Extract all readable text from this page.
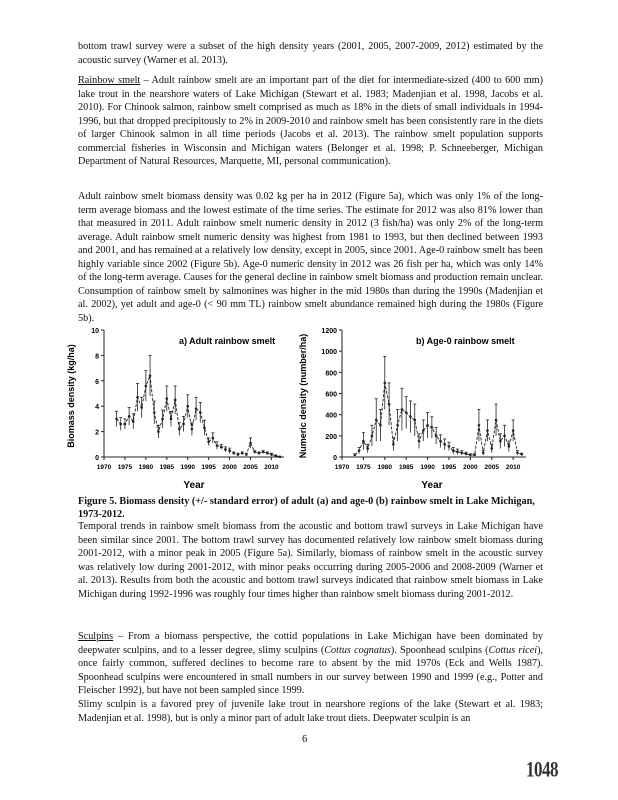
bottom trawl survey were a subset of the high density years (2001, 2005, 2007-2009, 2012) estimated by the acoustic survey (Warner et al. 2013).

Rainbow smelt – Adult rainbow smelt are an important part of the diet for intermediate-sized (400 to 600 mm) lake trout in the nearshore waters of Lake Michigan (Stewart et al. 1983; Madenjian et al. 1998, Jacobs et al. 2010). For Chinook salmon, rainbow smelt comprised as much as 18% in the diets of small individuals in 1994-1996, but that dropped precipitously to 2% in 2009-2010 and rainbow smelt has been consistently rare in the diets of larger Chinook salmon in all time periods (Jacobs et al. 2013). The rainbow smelt population supports commercial fisheries in Wisconsin and Michigan waters (Belonger et al. 1998; P. Schneeberger, Michigan Department of Natural Resources, Marquette, MI, personal communication).

Adult rainbow smelt biomass density was 0.02 kg per ha in 2012 (Figure 5a), which was only 1% of the long-term average biomass and the lowest estimate of the time series. The estimate for 2012 was also 81% lower than that measured in 2011. Adult rainbow smelt numeric density in 2012 (3 fish/ha) was only 2% of the long-term average. Adult rainbow smelt numeric density was highest from 1981 to 1993, but then declined between 1993 and 2001, and has remained at a relatively low density, except in 2005, since 2001. Age-0 rainbow smelt has been highly variable since 2002 (Figure 5b). Age-0 numeric density in 2012 was 26 fish per ha, which was only 14% of the long-term average. Causes for the general decline in rainbow smelt biomass and production remain unclear. Consumption of rainbow smelt by salmonines was higher in the mid 1980s than during the 1990s (Madenjian et al. 2002), yet adult and age-0 (< 90 mm TL) rainbow smelt abundance remained high during the 1980s (Figure 5b).

Biomass density (kg/ha)
0
2
4
6
8
10
1970 1975 1980 1985 1990 1995 2000 2005 2010
a) Adult rainbow smelt
Year
Numeric density (number/ha)
0
200
400
600
800
1000
1200
1970 1975 1980 1985 1990 1995 2000 2005 2010
b) Age-0 rainbow smelt
Year
Figure 5. Biomass density (+/- standard error) of adult (a) and age-0 (b) rainbow smelt in Lake Michigan, 1973-2012.

Temporal trends in rainbow smelt biomass from the acoustic and bottom trawl surveys in Lake Michigan have been similar since 2001. The bottom trawl survey has documented relatively low rainbow smelt biomass during 2001-2012, with a minor peak in 2005 (Figure 5a). Similarly, biomass of rainbow smelt in the acoustic survey was relatively low during 2001-2012, with minor peaks occurring during 2005-2006 and 2008-2009 (Warner et al. 2013). Results from both the acoustic and bottom trawl surveys indicated that rainbow smelt biomass in Lake Michigan during 1992-1996 was roughly four times higher than rainbow smelt biomass during 2001-2012.

Sculpins – From a biomass perspective, the cottid populations in Lake Michigan have been dominated by deepwater sculpins, and to a lesser degree, slimy sculpins (Cottus cognatus). Spoonhead sculpins (Cottus ricei), once fairly common, suffered declines to become rare to absent by the mid 1970s (Eck and Wells 1987). Spoonhead sculpins were encountered in small numbers in our survey between 1990 and 1999 (e.g., Potter and Fleischer 1992), but have not been sampled since 1999.

Slimy sculpin is a favored prey of juvenile lake trout in nearshore regions of the lake (Stewart et al. 1983; Madenjian et al. 1998), but is only a minor part of adult lake trout diets. Deepwater sculpin is an

6
1048
